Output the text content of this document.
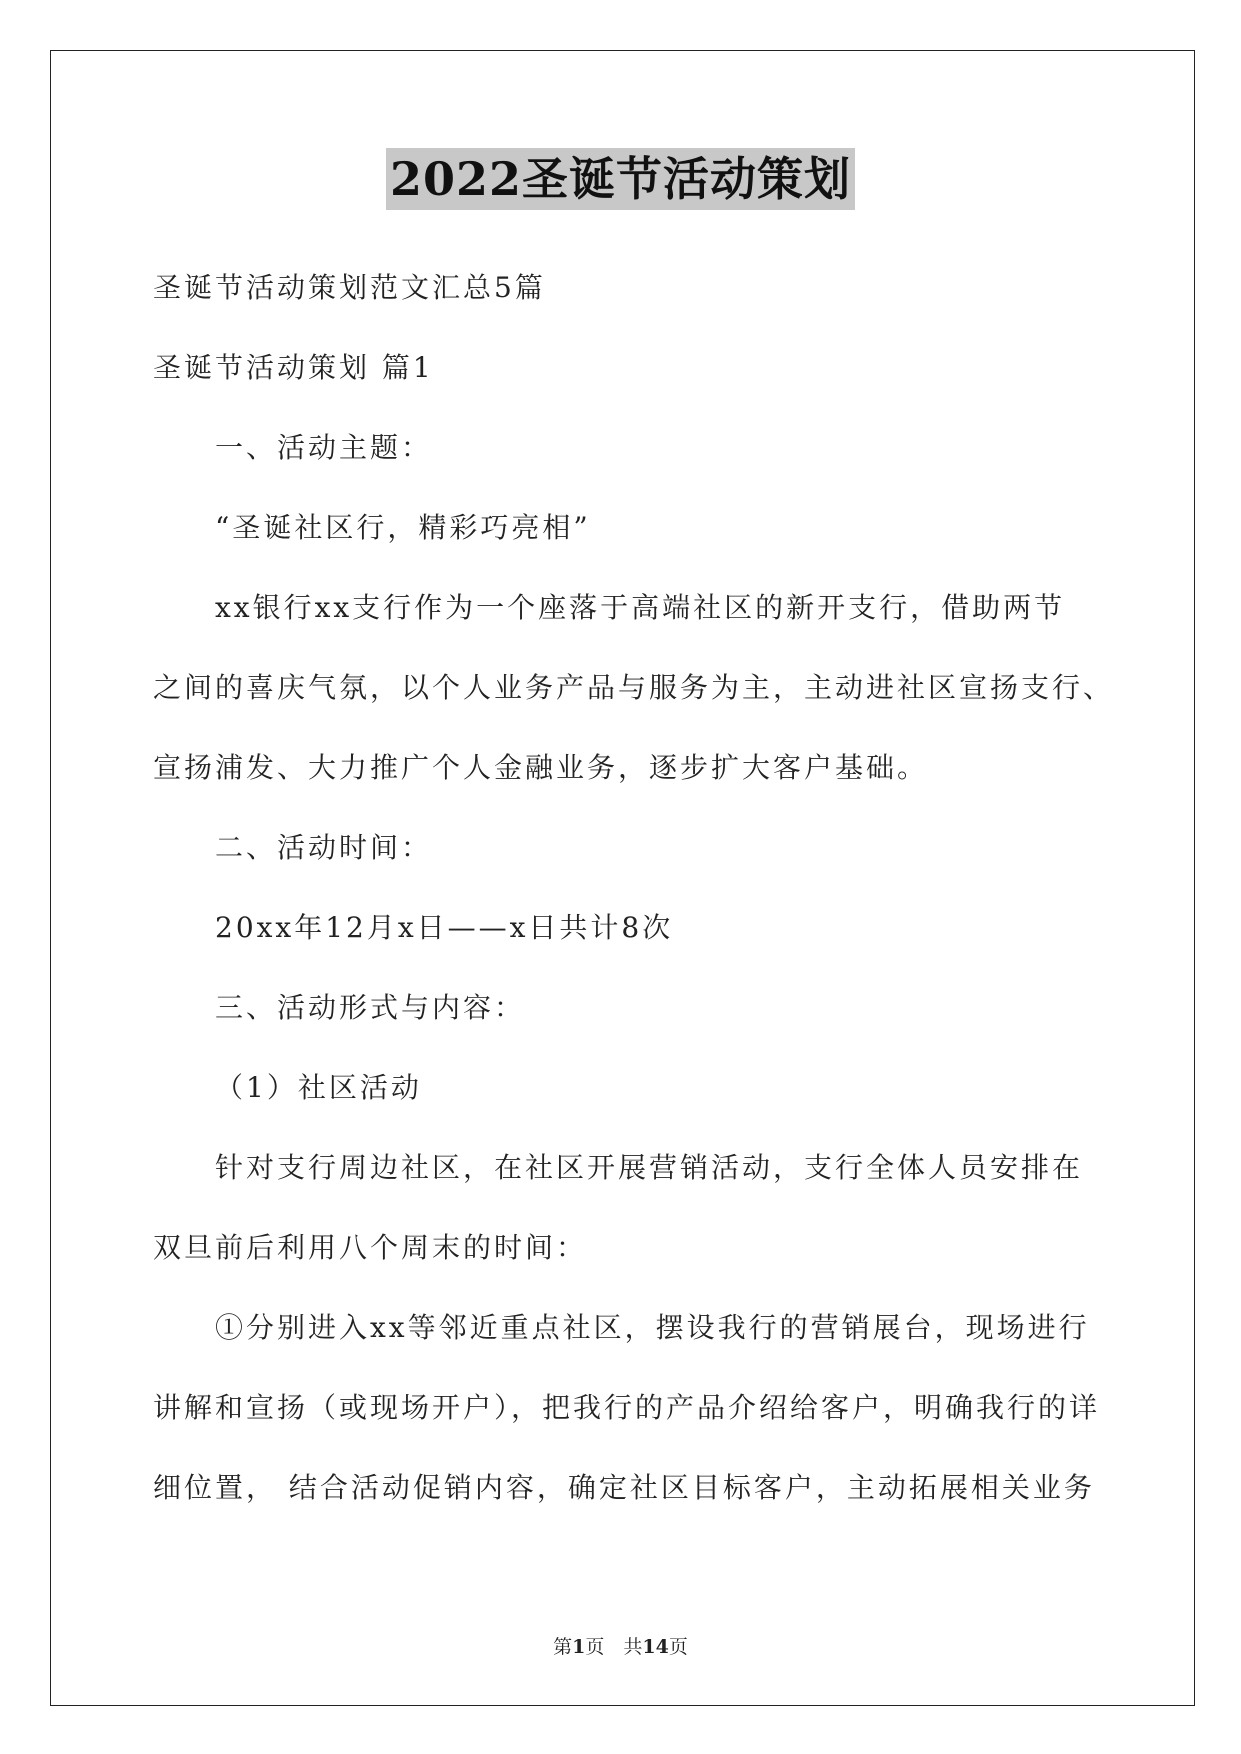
2022圣诞节活动策划
圣诞节活动策划范文汇总5篇
圣诞节活动策划 篇1
一、活动主题：
“圣诞社区行，精彩巧亮相”
xx银行xx支行作为一个座落于高端社区的新开支行，借助两节
之间的喜庆气氛，以个人业务产品与服务为主，主动进社区宣扬支行、
宣扬浦发、大力推广个人金融业务，逐步扩大客户基础。
二、活动时间：
20xx年12月x日——x日共计8次
三、活动形式与内容：
（1）社区活动
针对支行周边社区，在社区开展营销活动，支行全体人员安排在
双旦前后利用八个周末的时间：
①分别进入xx等邻近重点社区，摆设我行的营销展台，现场进行
讲解和宣扬（或现场开户），把我行的产品介绍给客户，明确我行的详
细位置， 结合活动促销内容，确定社区目标客户，主动拓展相关业务
第1页　共14页
